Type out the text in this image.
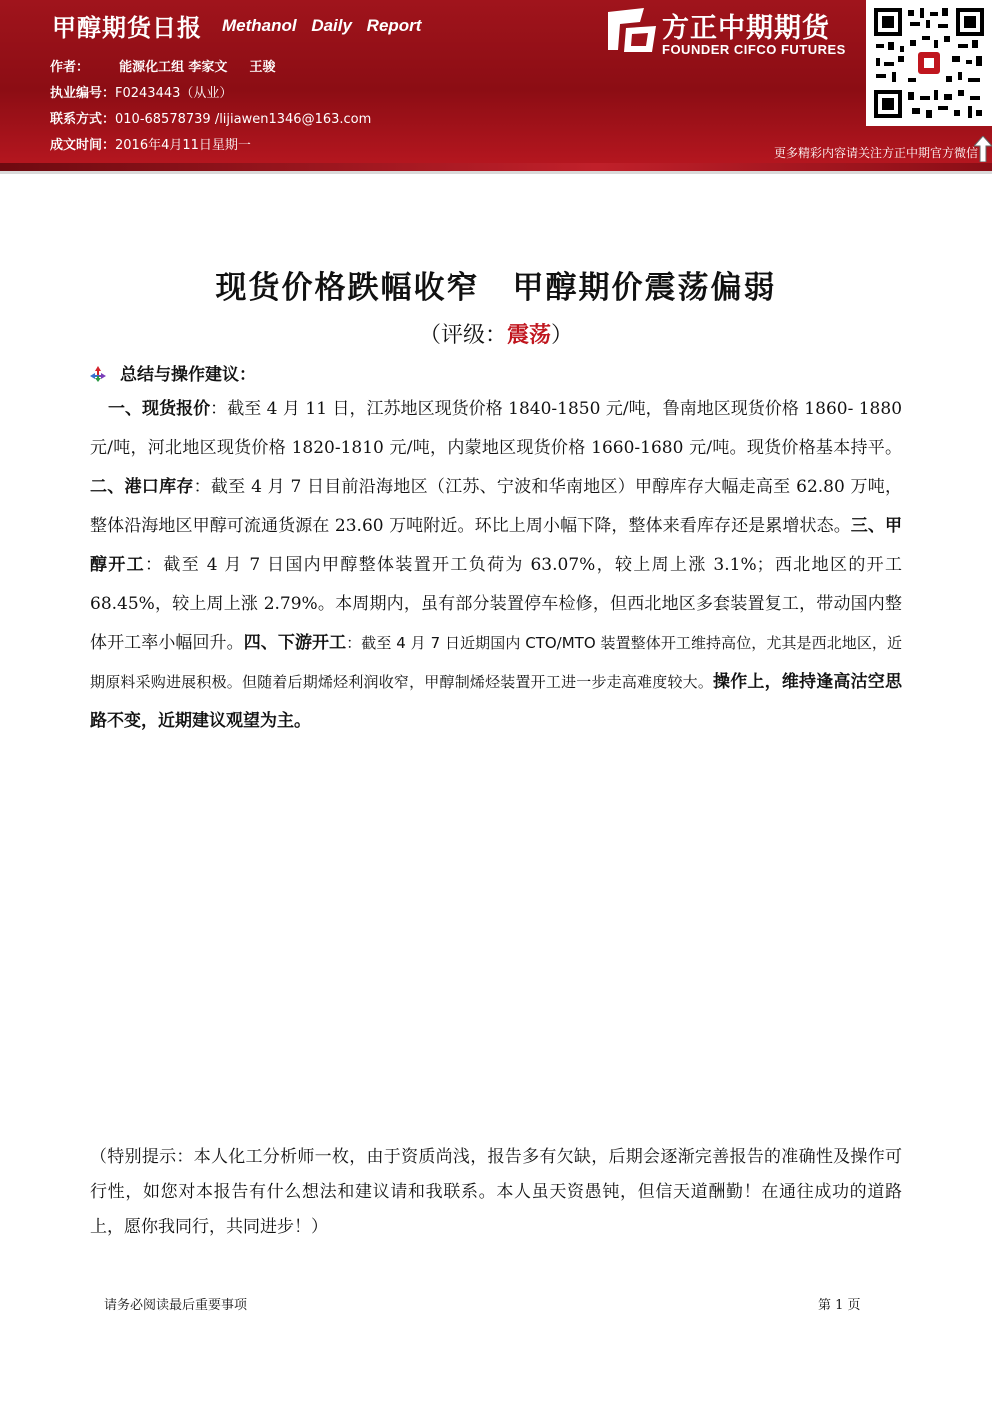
甲醇期货日报 Methanol Daily Report
作者： 能源化工组 李家文 王骏
执业编号：F0243443（从业）
联系方式：010-68578739 /lijiawen1346@163.com
成文时间：2016年4月11日星期一
方正中期期货
FOUNDER CIFCO FUTURES
更多精彩内容请关注方正中期官方微信
现货价格跌幅收窄　甲醇期价震荡偏弱
（评级：震荡）
总结与操作建议：
一、现货报价：截至 4 月 11 日，江苏地区现货价格 1840-1850 元/吨，鲁南地区现货价格 1860- 1880 元/吨，河北地区现货价格 1820-1810 元/吨，内蒙地区现货价格 1660-1680 元/吨。现货价格基本持平。二、港口库存：截至 4 月 7 日目前沿海地区（江苏、宁波和华南地区）甲醇库存大幅走高至 62.80 万吨，整体沿海地区甲醇可流通货源在 23.60 万吨附近。环比上周小幅下降，整体来看库存还是累增状态。三、甲醇开工：截至 4 月 7 日国内甲醇整体装置开工负荷为 63.07%，较上周上涨 3.1%；西北地区的开工 68.45%，较上周上涨 2.79%。本周期内，虽有部分装置停车检修，但西北地区多套装置复工，带动国内整体开工率小幅回升。四、下游开工：截至 4 月 7 日近期国内 CTO/MTO 装置整体开工维持高位，尤其是西北地区，近期原料采购进展积极。但随着后期烯烃利润收窄，甲醇制烯烃装置开工进一步走高难度较大。操作上，维持逢高沽空思路不变，近期建议观望为主。
（特别提示：本人化工分析师一枚，由于资质尚浅，报告多有欠缺，后期会逐渐完善报告的准确性及操作可行性，如您对本报告有什么想法和建议请和我联系。本人虽天资愚钝，但信天道酬勤！在通往成功的道路上，愿你我同行，共同进步！）
请务必阅读最后重要事项	第 1 页
